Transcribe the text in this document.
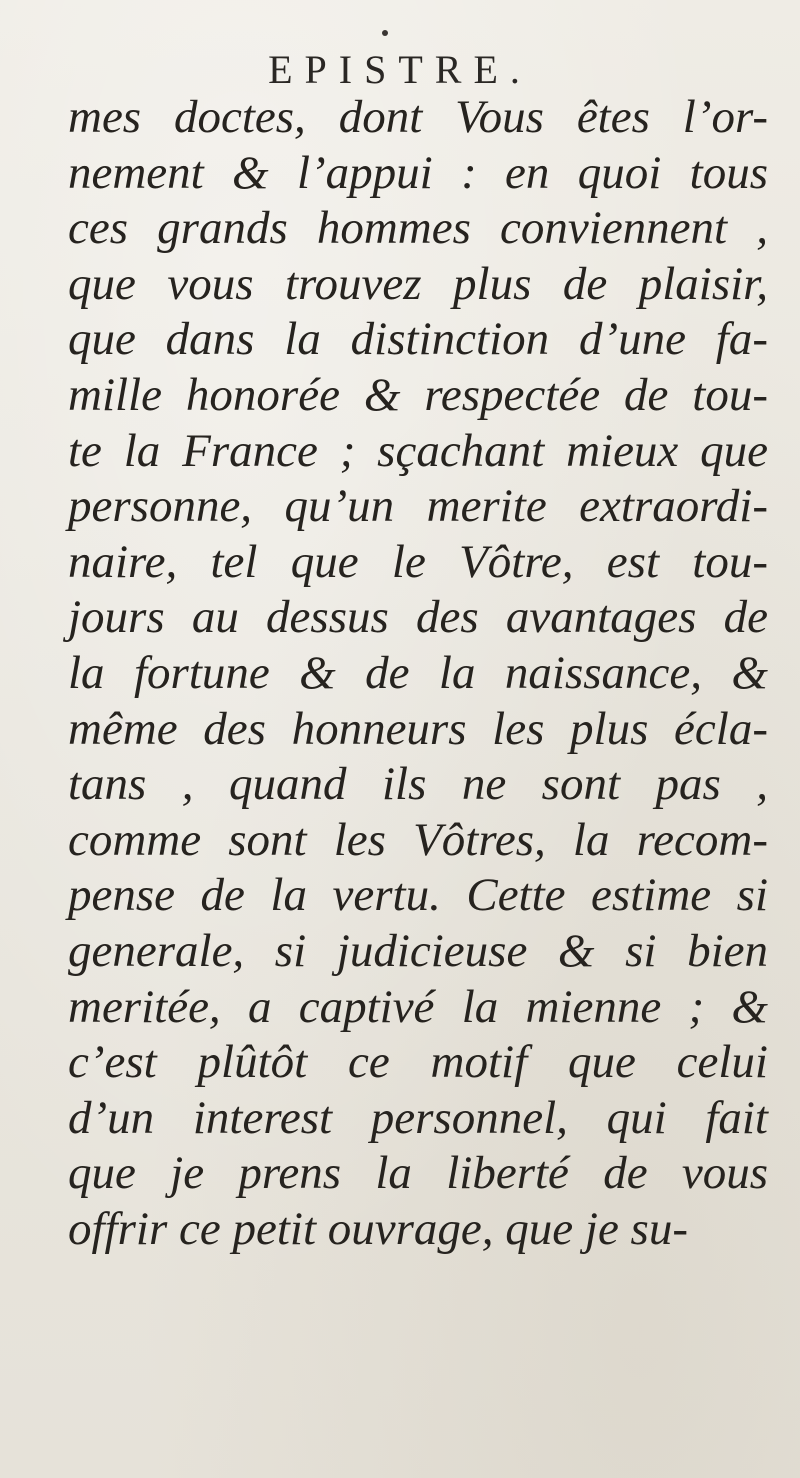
EPISTRE.
mes doctes, dont Vous êtes l’or-
nement & l’appui : en quoi tous
ces grands hommes conviennent ,
que vous trouvez plus de plaisir,
que dans la distinction d’une fa-
mille honorée & respectée de tou-
te la France ; sçachant mieux que
personne, qu’un merite extraordi-
naire, tel que le Vôtre, est tou-
jours au dessus des avantages de
la fortune & de la naissance, &
même des honneurs les plus écla-
tans , quand ils ne sont pas ,
comme sont les Vôtres, la recom-
pense de la vertu. Cette estime si
generale, si judicieuse & si bien
meritée, a captivé la mienne ; &
c’est plûtôt ce motif que celui
d’un interest personnel, qui fait
que je prens la liberté de vous
offrir ce petit ouvrage, que je su-
